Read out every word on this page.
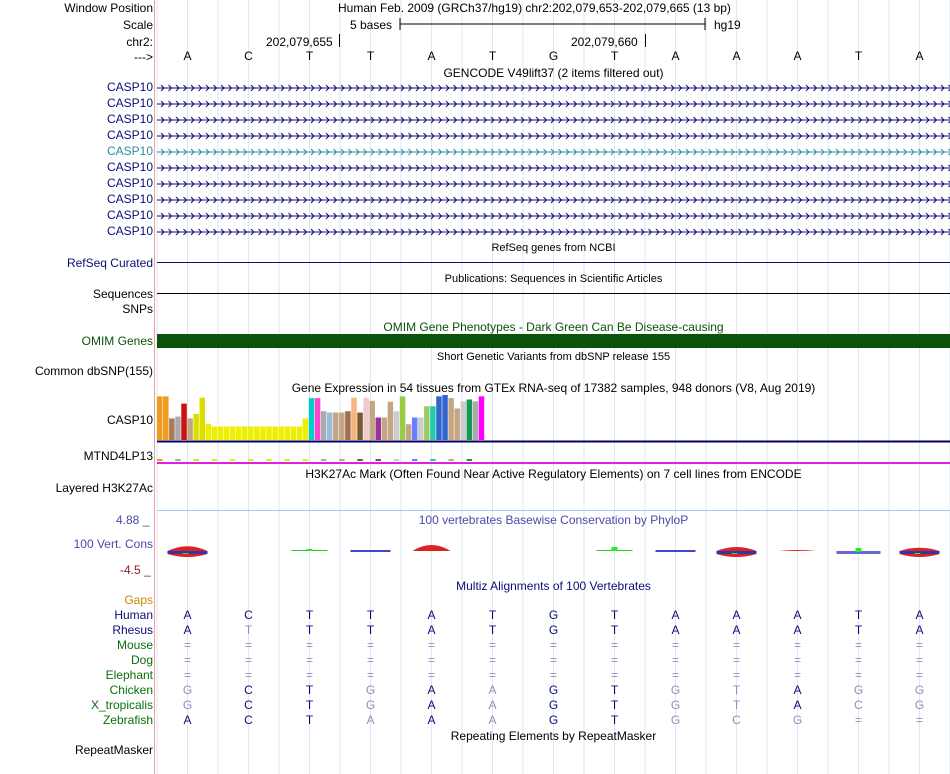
Window Position
Scale
chr2:
--->
Human Feb. 2009 (GRCh37/hg19) chr2:202,079,653-202,079,665 (13 bp)
5 bases	hg19
202,079,655	202,079,660
A	C	T	T	A	T	G	T	A	A	A	T	A
GENCODE V49lift37 (2 items filtered out)
CASP10
CASP10
CASP10
CASP10
CASP10
CASP10
CASP10
CASP10
CASP10
CASP10
RefSeq genes from NCBI
RefSeq Curated
Publications: Sequences in Scientific Articles
Sequences
SNPs
OMIM Gene Phenotypes - Dark Green Can Be Disease-causing
OMIM Genes
Short Genetic Variants from dbSNP release 155
Common dbSNP(155)
Gene Expression in 54 tissues from GTEx RNA-seq of 17382 samples, 948 donors (V8, Aug 2019)
CASP10
MTND4LP13
H3K27Ac Mark (Often Found Near Active Regulatory Elements) on 7 cell lines from ENCODE
Layered H3K27Ac
100 vertebrates Basewise Conservation by PhyloP
4.88 _
100 Vert. Cons
-4.5 _
Multiz Alignments of 100 Vertebrates
Gaps
Human	A	C	T	T	A	T	G	T	A	A	A	T	A
Rhesus	A	T	T	T	A	T	G	T	A	A	A	T	A
Mouse	=	=	=	=	=	=	=	=	=	=	=	=	=
Dog	=	=	=	=	=	=	=	=	=	=	=	=	=
Elephant	=	=	=	=	=	=	=	=	=	=	=	=	=
Chicken	G	C	T	G	A	A	G	T	G	T	A	G	G
X_tropicalis	G	C	T	G	A	A	G	T	G	T	A	C	G
Zebrafish	A	C	T	A	A	A	G	T	G	C	G	=	=
Repeating Elements by RepeatMasker
RepeatMasker
